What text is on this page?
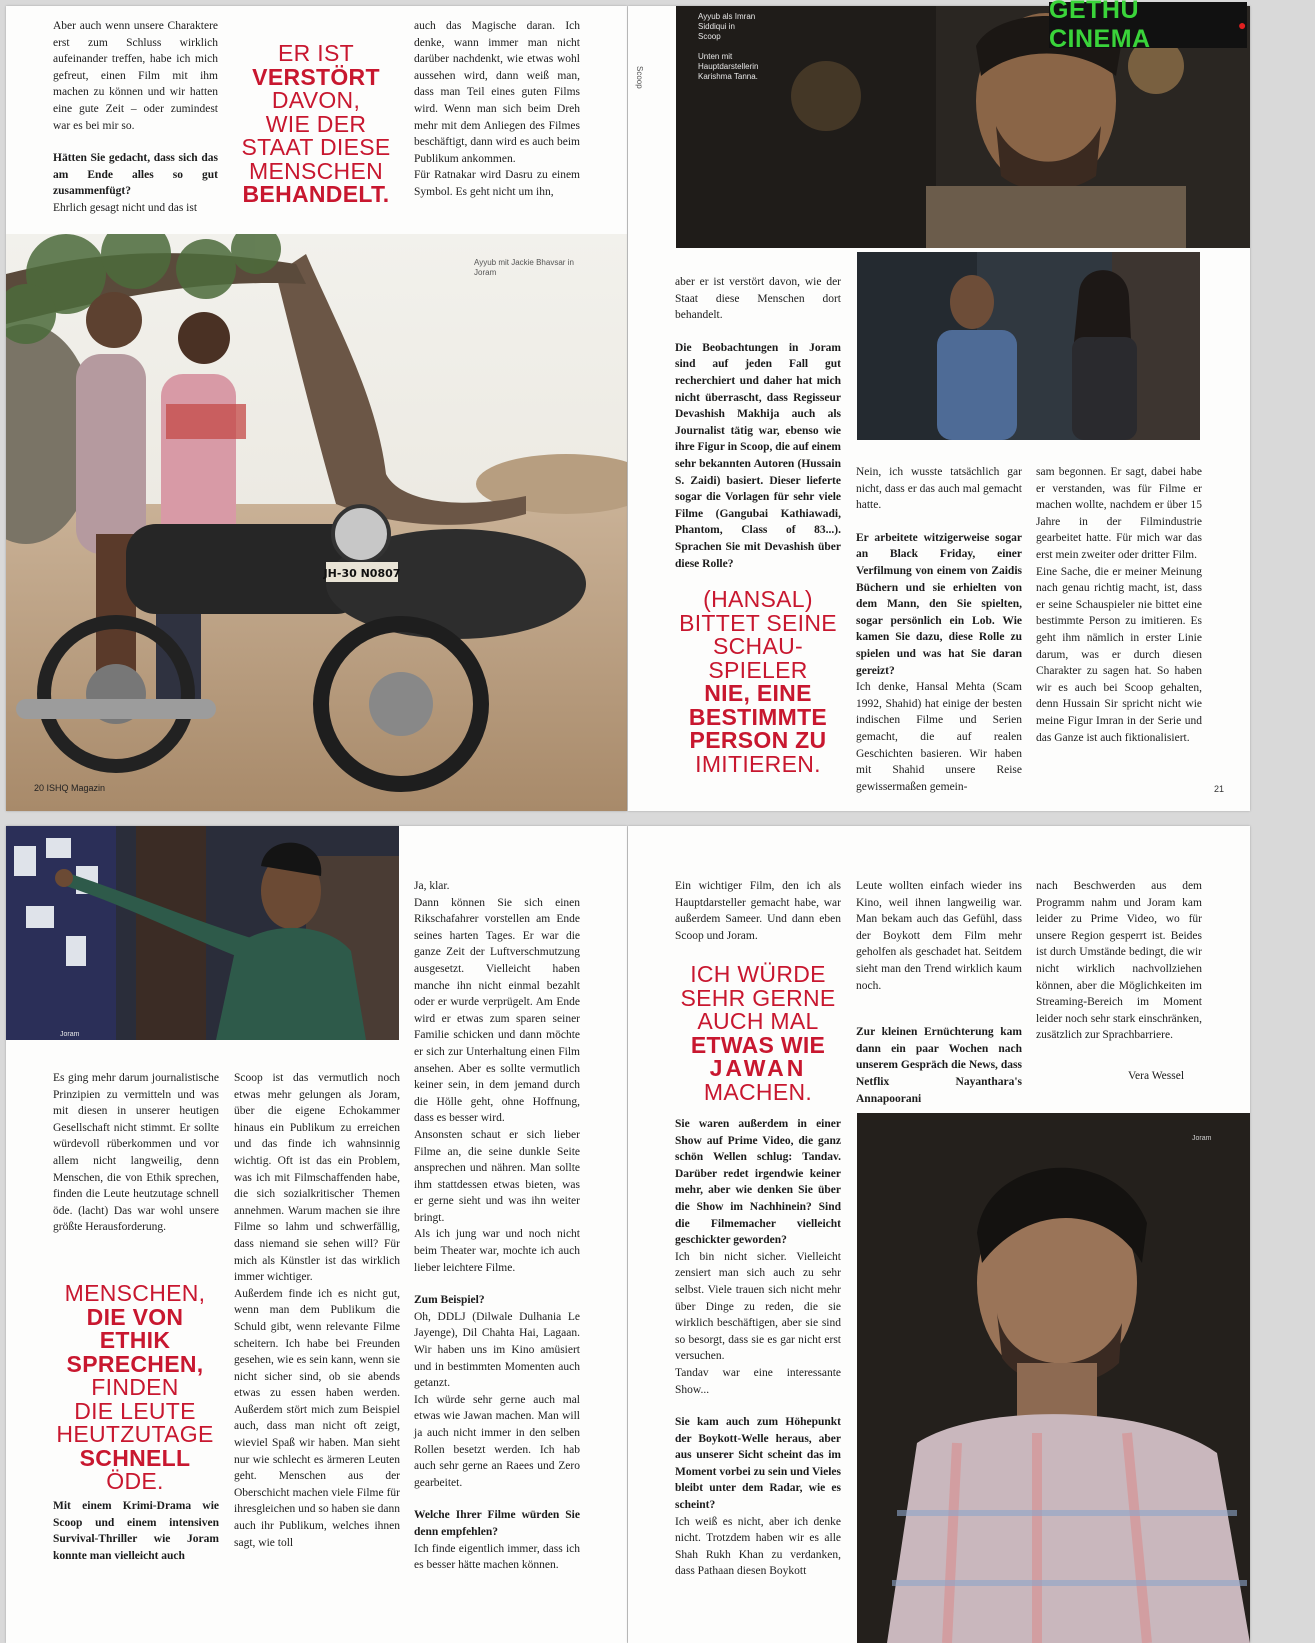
Aber auch wenn unsere Charaktere erst zum Schluss wirklich aufeinander treffen, habe ich mich gefreut, einen Film mit ihm machen zu können und wir hatten eine gute Zeit – oder zumindest war es bei mir so.

Hätten Sie gedacht, dass sich das am Ende alles so gut zusammenfügt?

Ehrlich gesagt nicht und das ist

ER IST
VERSTÖRT
DAVON,
WIE DER
STAAT DIESE
MENSCHEN
BEHANDELT.

auch das Magische daran. Ich denke, wann immer man nicht darüber nachdenkt, wie etwas wohl aussehen wird, dann weiß man, dass man Teil eines guten Films wird. Wenn man sich beim Dreh mehr mit dem Anliegen des Filmes beschäftigt, dann wird es auch beim Publikum ankommen.

Für Ratnakar wird Dasru zu einem Symbol. Es geht nicht um ihn,

JH-30 N0807
Ayyub mit Jackie Bhavsar in Joram
20 ISHQ Magazin
Ayyub als Imran Siddiqui in Scoop

Unten mit Hauptdarstellerin Karishma Tanna.
Scoop

aber er ist verstört davon, wie der Staat diese Menschen dort behandelt.

Die Beobachtungen in Joram sind auf jeden Fall gut recherchiert und daher hat mich nicht überrascht, dass Regisseur Devashish Makhija auch als Journalist tätig war, ebenso wie ihre Figur in Scoop, die auf einem sehr bekannten Autoren (Hussain S. Zaidi) basiert. Dieser lieferte sogar die Vorlagen für sehr viele Filme (Gangubai Kathiawadi, Phantom, Class of 83...). Sprachen Sie mit Devashish über diese Rolle?

(HANSAL)
BITTET SEINE
SCHAU-
SPIELER
NIE, EINE
BESTIMMTE
PERSON ZU
IMITIEREN.

Nein, ich wusste tatsächlich gar nicht, dass er das auch mal gemacht hatte.

Er arbeitete witzigerweise sogar an Black Friday, einer Verfilmung von einem von Zaidis Büchern und sie erhielten von dem Mann, den Sie spielten, sogar persönlich ein Lob. Wie kamen Sie dazu, diese Rolle zu spielen und was hat Sie daran gereizt?

Ich denke, Hansal Mehta (Scam 1992, Shahid) hat einige der besten indischen Filme und Serien gemacht, die auf realen Geschichten basieren. Wir haben mit Shahid unsere Reise gewissermaßen gemein-

sam begonnen. Er sagt, dabei habe er verstanden, was für Filme er machen wollte, nachdem er über 15 Jahre in der Filmindustrie gearbeitet hatte. Für mich war das erst mein zweiter oder dritter Film.

Eine Sache, die er meiner Meinung nach genau richtig macht, ist, dass er seine Schauspieler nie bittet eine bestimmte Person zu imitieren. Es geht ihm nämlich in erster Linie darum, was er durch diesen Charakter zu sagen hat. So haben wir es auch bei Scoop gehalten, denn Hussain Sir spricht nicht wie meine Figur Imran in der Serie und das Ganze ist auch fiktionalisiert.

21
GETHU CINEMA	●
Joram

Es ging mehr darum journalistische Prinzipien zu vermitteln und was mit diesen in unserer heutigen Gesellschaft nicht stimmt. Er sollte würdevoll rüberkommen und vor allem nicht langweilig, denn Menschen, die von Ethik sprechen, finden die Leute heutzutage schnell öde. (lacht) Das war wohl unsere größte Herausforderung.

MENSCHEN,
DIE VON ETHIK
SPRECHEN,
FINDEN
DIE LEUTE
HEUTZUTAGE
SCHNELL
ÖDE.

Mit einem Krimi-Drama wie Scoop und einem intensiven Survival-Thriller wie Joram konnte man vielleicht auch

Scoop ist das vermutlich noch etwas mehr gelungen als Joram, über die eigene Echokammer hinaus ein Publikum zu erreichen und das finde ich wahnsinnig wichtig. Oft ist das ein Problem, was ich mit Filmschaffenden habe, die sich sozialkritischer Themen annehmen. Warum machen sie ihre Filme so lahm und schwerfällig, dass niemand sie sehen will? Für mich als Künstler ist das wirklich immer wichtiger.

Außerdem finde ich es nicht gut, wenn man dem Publikum die Schuld gibt, wenn relevante Filme scheitern. Ich habe bei Freunden gesehen, wie es sein kann, wenn sie nicht sicher sind, ob sie abends etwas zu essen haben werden. Außerdem stört mich zum Beispiel auch, dass man nicht oft zeigt, wieviel Spaß wir haben. Man sieht nur wie schlecht es ärmeren Leuten geht. Menschen aus der Oberschicht machen viele Filme für ihresgleichen und so haben sie dann auch ihr Publikum, welches ihnen sagt, wie toll

Ja, klar.

Dann können Sie sich einen Rikschafahrer vorstellen am Ende seines harten Tages. Er war die ganze Zeit der Luftverschmutzung ausgesetzt. Vielleicht haben manche ihn nicht einmal bezahlt oder er wurde verprügelt. Am Ende wird er etwas zum sparen seiner Familie schicken und dann möchte er sich zur Unterhaltung einen Film ansehen. Aber es sollte vermutlich keiner sein, in dem jemand durch die Hölle geht, ohne Hoffnung, dass es besser wird.

Ansonsten schaut er sich lieber Filme an, die seine dunkle Seite ansprechen und nähren. Man sollte ihm stattdessen etwas bieten, was er gerne sieht und was ihn weiter bringt.

Als ich jung war und noch nicht beim Theater war, mochte ich auch lieber leichtere Filme.

Zum Beispiel?

Oh, DDLJ (Dilwale Dulhania Le Jayenge), Dil Chahta Hai, Lagaan. Wir haben uns im Kino amüsiert und in bestimmten Momenten auch getanzt.

Ich würde sehr gerne auch mal etwas wie Jawan machen. Man will ja auch nicht immer in den selben Rollen besetzt werden. Ich hab auch sehr gerne an Raees und Zero gearbeitet.

Welche Ihrer Filme würden Sie denn empfehlen?

Ich finde eigentlich immer, dass ich es besser hätte machen können.

Ein wichtiger Film, den ich als Hauptdarsteller gemacht habe, war außerdem Sameer. Und dann eben Scoop und Joram.

ICH WÜRDE
SEHR GERNE
AUCH MAL
ETWAS WIE
JAWAN
MACHEN.

Sie waren außerdem in einer Show auf Prime Video, die ganz schön Wellen schlug: Tandav. Darüber redet irgendwie keiner mehr, aber wie denken Sie über die Show im Nachhinein? Sind die Filmemacher vielleicht geschickter geworden?

Ich bin nicht sicher. Vielleicht zensiert man sich auch zu sehr selbst. Viele trauen sich nicht mehr über Dinge zu reden, die sie wirklich beschäftigen, aber sie sind so besorgt, dass sie es gar nicht erst versuchen.

Tandav war eine interessante Show...

Sie kam auch zum Höhepunkt der Boykott-Welle heraus, aber aus unserer Sicht scheint das im Moment vorbei zu sein und Vieles bleibt unter dem Radar, wie es scheint?

Ich weiß es nicht, aber ich denke nicht. Trotzdem haben wir es alle Shah Rukh Khan zu verdanken, dass Pathaan diesen Boykott

Leute wollten einfach wieder ins Kino, weil ihnen langweilig war. Man bekam auch das Gefühl, dass der Boykott dem Film mehr geholfen als geschadet hat. Seitdem sieht man den Trend wirklich kaum noch.

Zur kleinen Ernüchterung kam dann ein paar Wochen nach unserem Gespräch die News, dass Netflix Nayanthara's Annapoorani

nach Beschwerden aus dem Programm nahm und Joram kam leider zu Prime Video, wo für unsere Region gesperrt ist. Beides ist durch Umstände bedingt, die wir nicht wirklich nachvollziehen können, aber die Möglichkeiten im Streaming-Bereich im Moment leider noch sehr stark einschränken, zusätzlich zur Sprachbarriere.

Vera Wessel
Joram
